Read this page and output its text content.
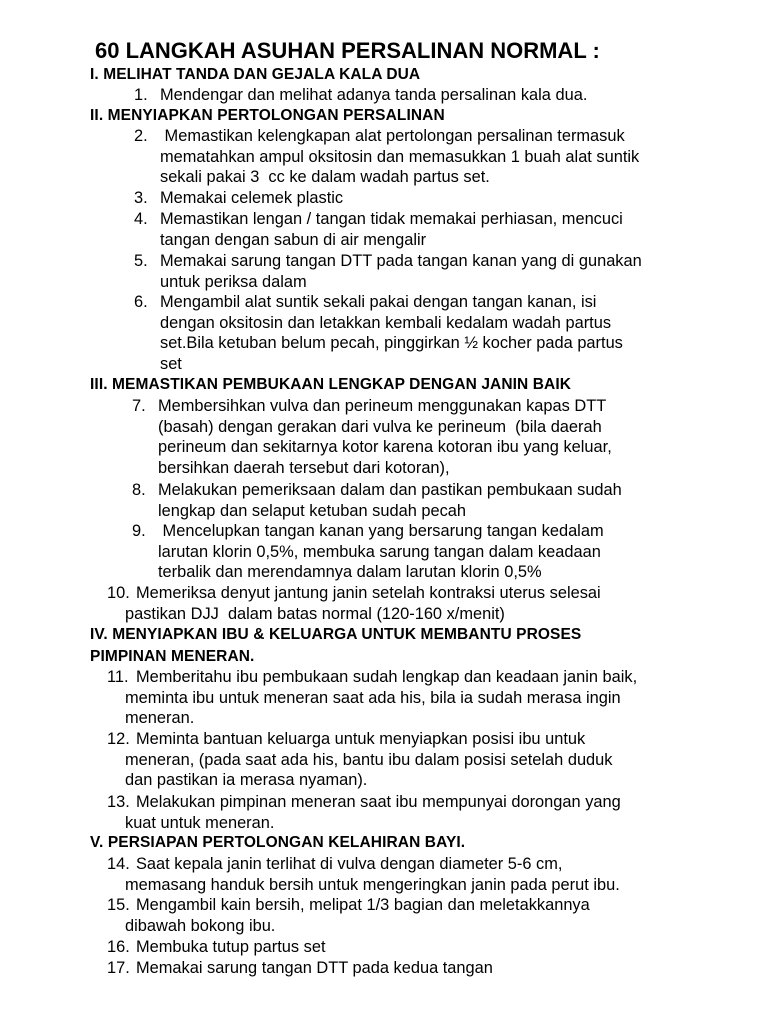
60 LANGKAH ASUHAN PERSALINAN NORMAL :
I. MELIHAT TANDA DAN GEJALA KALA DUA
1. Mendengar dan melihat adanya tanda persalinan kala dua.
II. MENYIAPKAN PERTOLONGAN PERSALINAN
2. Memastikan kelengkapan alat pertolongan persalinan termasuk
mematahkan ampul oksitosin dan memasukkan 1 buah alat suntik
sekali pakai 3  cc ke dalam wadah partus set.
3. Memakai celemek plastic
4. Memastikan lengan / tangan tidak memakai perhiasan, mencuci
tangan dengan sabun di air mengalir
5. Memakai sarung tangan DTT pada tangan kanan yang di gunakan
untuk periksa dalam
6. Mengambil alat suntik sekali pakai dengan tangan kanan, isi
dengan oksitosin dan letakkan kembali kedalam wadah partus
set.Bila ketuban belum pecah, pinggirkan ½ kocher pada partus
set
III. MEMASTIKAN PEMBUKAAN LENGKAP DENGAN JANIN BAIK
7. Membersihkan vulva dan perineum menggunakan kapas DTT
(basah) dengan gerakan dari vulva ke perineum  (bila daerah
perineum dan sekitarnya kotor karena kotoran ibu yang keluar,
bersihkan daerah tersebut dari kotoran),
8. Melakukan pemeriksaan dalam dan pastikan pembukaan sudah
lengkap dan selaput ketuban sudah pecah
9. Mencelupkan tangan kanan yang bersarung tangan kedalam
larutan klorin 0,5%, membuka sarung tangan dalam keadaan
terbalik dan merendamnya dalam larutan klorin 0,5%
10. Memeriksa denyut jantung janin setelah kontraksi uterus selesai
pastikan DJJ  dalam batas normal (120-160 x/menit)
IV. MENYIAPKAN IBU & KELUARGA UNTUK MEMBANTU PROSES
PIMPINAN MENERAN.
11. Memberitahu ibu pembukaan sudah lengkap dan keadaan janin baik,
meminta ibu untuk meneran saat ada his, bila ia sudah merasa ingin
meneran.
12. Meminta bantuan keluarga untuk menyiapkan posisi ibu untuk
meneran, (pada saat ada his, bantu ibu dalam posisi setelah duduk
dan pastikan ia merasa nyaman).
13. Melakukan pimpinan meneran saat ibu mempunyai dorongan yang
kuat untuk meneran.
V. PERSIAPAN PERTOLONGAN KELAHIRAN BAYI.
14. Saat kepala janin terlihat di vulva dengan diameter 5-6 cm,
memasang handuk bersih untuk mengeringkan janin pada perut ibu.
15. Mengambil kain bersih, melipat 1/3 bagian dan meletakkannya
dibawah bokong ibu.
16. Membuka tutup partus set
17. Memakai sarung tangan DTT pada kedua tangan
